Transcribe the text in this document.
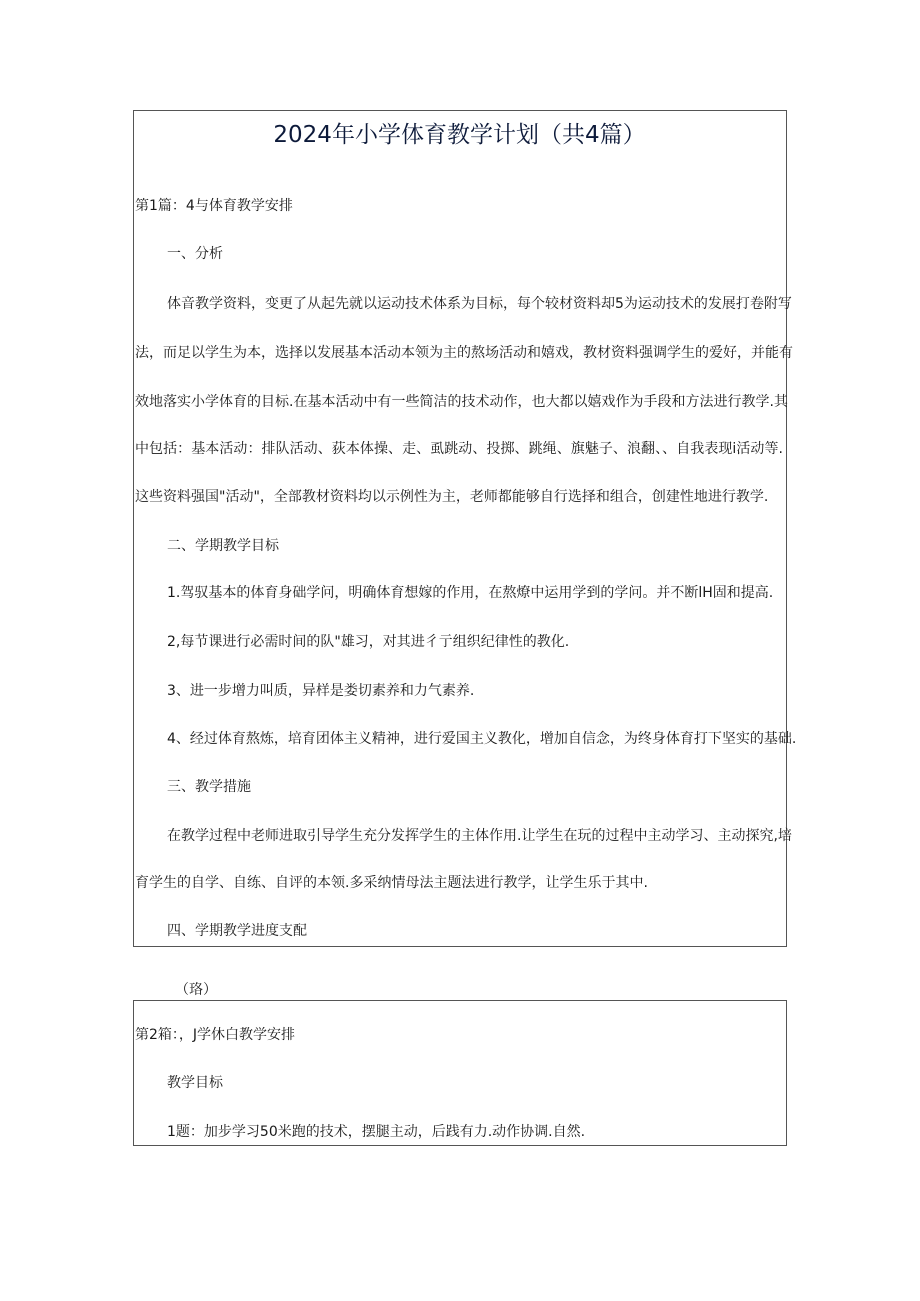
2024年小学体育教学计划（共4篇）
第1篇：4与体育教学安排
一、分析
体音教学资料，变更了从起先就以运动技术体系为目标，每个较材资料却5为运动技术的发展打卷附写
法，而足以学生为本，选择以发展基本活动本领为主的熬场活动和嬉戏，教材资料强调学生的爱好，并能有
效地落实小学体育的目标.在基本活动中有一些简洁的技术动作，也大都以嬉戏作为手段和方法进行教学.其
中包括：基本活动：排队活动、荻本体操、走、虱跳动、投掷、跳绳、旗魅子、浪翻、、自我表现i活动等.
这些资料强国"活动"，全部教材资料均以示例性为主，老师都能够自行选择和组合，创建性地进行教学.
二、学期教学目标
1.驾驭基本的体育身础学问，明确体育想嫁的作用，在熬燎中运用学到的学问。并不断lH固和提高.
2,每节课进行必需时间的队"雄习，对其进彳亍组织纪律性的教化.
3、进一步增力叫质，异样是娄切素养和力气素养.
4、经过体育熬炼，培育团体主义精神，进行爱国主义教化，增加自信念，为终身体育打下坚实的基础.
三、教学措施
在教学过程中老师进取引导学生充分发挥学生的主体作用.让学生在玩的过程中主动学习、主动探究,培
育学生的自学、自练、自评的本领.多采纳情母法主题法进行教学，让学生乐于其中.
四、学期教学进度支配
（珞）
第2箱：，J学休白教学安排
教学目标
1题：加步学习50米跑的技术，摆腿主动，后践有力.动作协调.自然.
